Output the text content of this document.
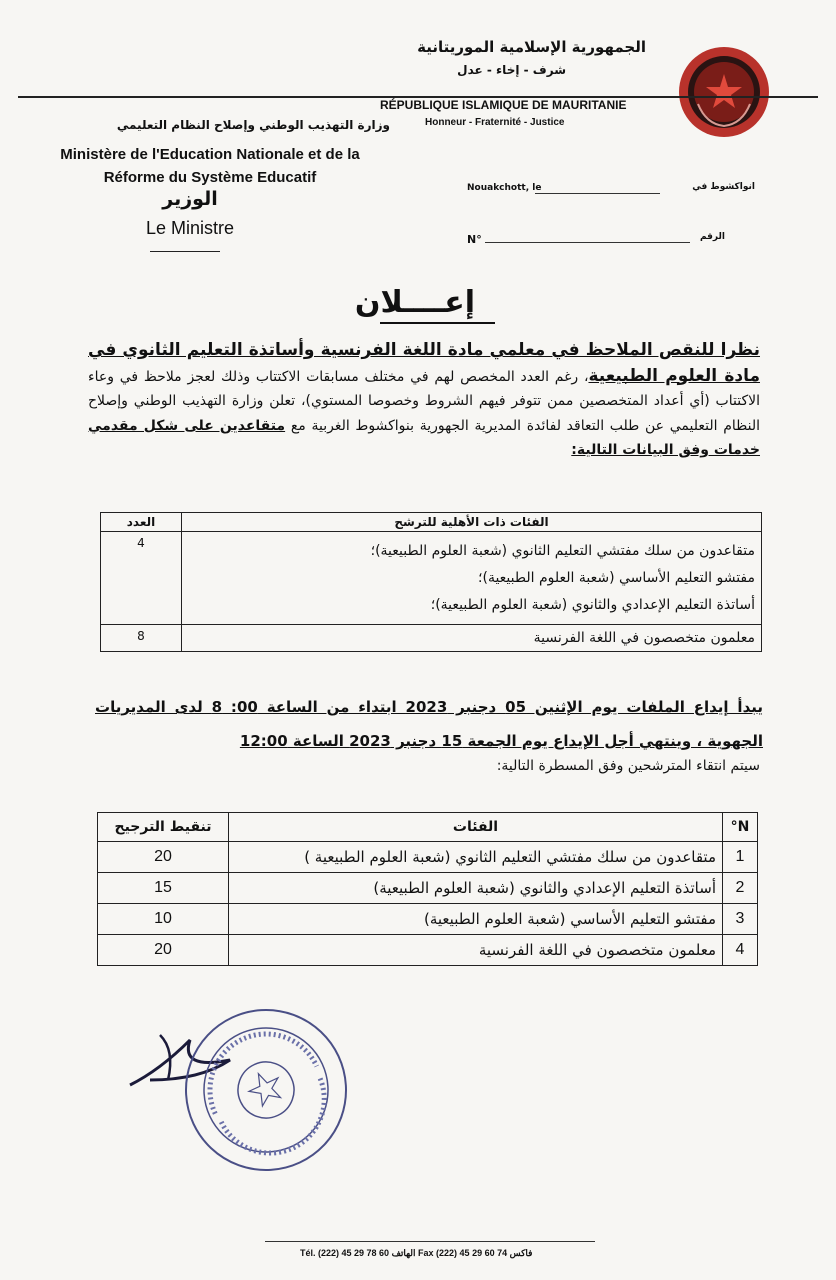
الجمهورية الإسلامية الموريتانية
شرف - إخاء - عدل
RÉPUBLIQUE ISLAMIQUE DE MAURITANIE
Honneur - Fraternité - Justice
وزارة التهذيب الوطني وإصلاح النظام التعليمي
Ministère de l'Education Nationale et de la Réforme du Système Educatif
الوزير
Le Ministre
Nouakchott, le	انواكشوط في
N°	الرقم
إعــــلان
نظرا للنقص الملاحظ في معلمي مادة اللغة الفرنسية وأساتذة التعليم الثانوي في مادة العلوم الطبيعية، رغم العدد المخصص لهم في مختلف مسابقات الاكتتاب وذلك لعجز ملاحظ في وعاء الاكتتاب (أي أعداد المتخصصين ممن تتوفر فيهم الشروط وخصوصا المستوي)، تعلن وزارة التهذيب الوطني وإصلاح النظام التعليمي عن طلب التعاقد لفائدة المديرية الجهورية بنواكشوط الغربية مع متقاعدين على شكل مقدمي خدمات وفق البيانات التالية:
الفئات ذات الأهلية للترشح	العدد

متقاعدون من سلك مفتشي التعليم الثانوي (شعبة العلوم الطبيعية)؛
مفتشو التعليم الأساسي (شعبة العلوم الطبيعية)؛
أساتذة التعليم الإعدادي والثانوي (شعبة العلوم الطبيعية)؛	4

معلمون متخصصون في اللغة الفرنسية	8
يبدأ إيداع الملفات يوم الإثنين 05 دجنبر 2023 ابتداء من الساعة 00: 8 لدى المديريات الجهوية ، وينتهي أجل الإيداع يوم الجمعة 15 دجنبر 2023 الساعة 12:00
سيتم انتقاء المترشحين وفق المسطرة التالية:
N°	الفئات	تنقيط الترجيح
1	متقاعدون من سلك مفتشي التعليم الثانوي (شعبة العلوم الطبيعية )	20
2	أساتذة التعليم الإعدادي والثانوي (شعبة العلوم الطبيعية)	15
3	مفتشو التعليم الأساسي (شعبة العلوم الطبيعية)	10
4	معلمون متخصصون في اللغة الفرنسية	20
Tél. (222) 45 29 78 60 الهاتف Fax (222) 45 29 60 74 فاكس
